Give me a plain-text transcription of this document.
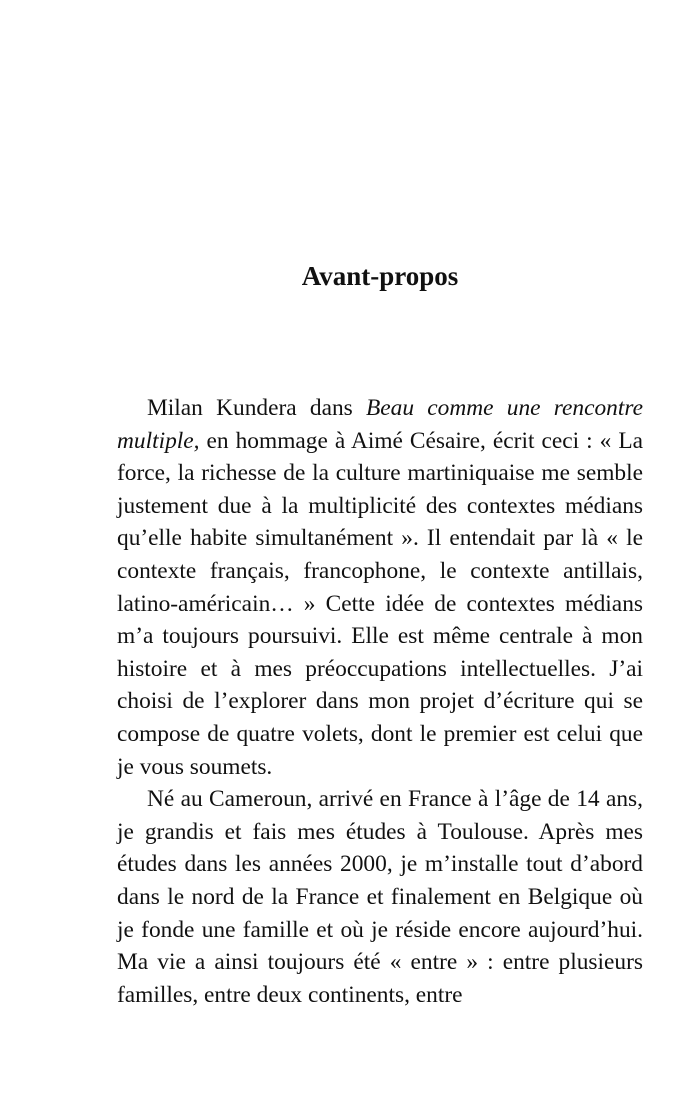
Avant-propos

Milan Kundera dans Beau comme une rencontre multiple, en hommage à Aimé Césaire, écrit ceci : « La force, la richesse de la culture martiniquaise me semble justement due à la multiplicité des contextes médians qu’elle habite simultanément ». Il entendait par là « le contexte français, francophone, le contexte antillais, latino-américain… » Cette idée de contextes médians m’a toujours poursuivi. Elle est même centrale à mon histoire et à mes préoccupations intellectuelles. J’ai choisi de l’explorer dans mon projet d’écriture qui se compose de quatre volets, dont le premier est celui que je vous soumets.

Né au Cameroun, arrivé en France à l’âge de 14 ans, je grandis et fais mes études à Toulouse. Après mes études dans les années 2000, je m’installe tout d’abord dans le nord de la France et finalement en Belgique où je fonde une famille et où je réside encore aujourd’hui. Ma vie a ainsi toujours été « entre » : entre plusieurs familles, entre deux continents, entre
